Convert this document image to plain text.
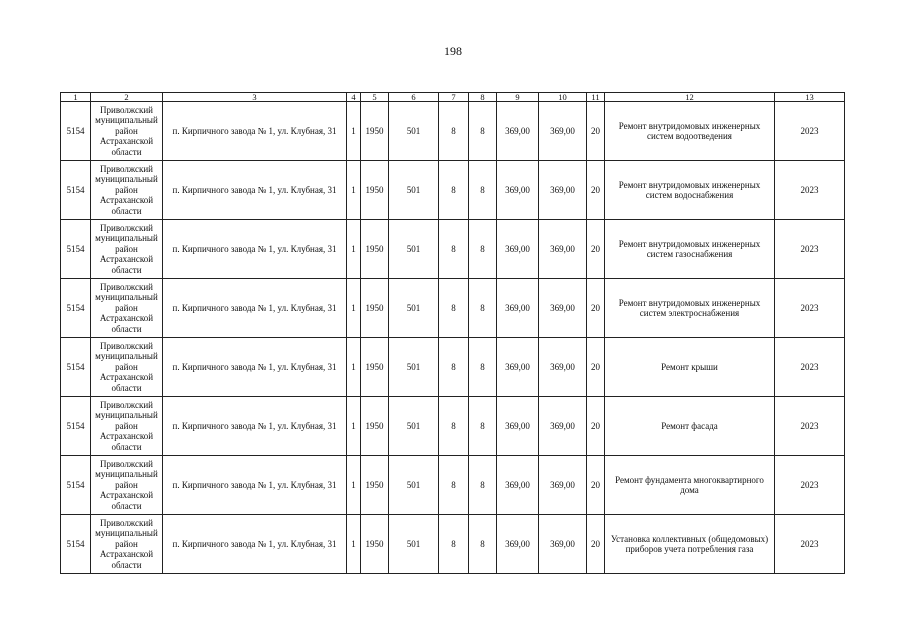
198
1	2	3	4	5	6	7	8	9	10	11	12	13
5154	Приволжский
муниципальный
район
Астраханской
области	п. Кирпичного завода № 1, ул. Клубная, 31	1	1950	501	8	8	369,00	369,00	20	Ремонт внутридомовых инженерных систем водоотведения	2023
5154	Приволжский
муниципальный
район
Астраханской
области	п. Кирпичного завода № 1, ул. Клубная, 31	1	1950	501	8	8	369,00	369,00	20	Ремонт внутридомовых инженерных систем водоснабжения	2023
5154	Приволжский
муниципальный
район
Астраханской
области	п. Кирпичного завода № 1, ул. Клубная, 31	1	1950	501	8	8	369,00	369,00	20	Ремонт внутридомовых инженерных систем газоснабжения	2023
5154	Приволжский
муниципальный
район
Астраханской
области	п. Кирпичного завода № 1, ул. Клубная, 31	1	1950	501	8	8	369,00	369,00	20	Ремонт внутридомовых инженерных систем электроснабжения	2023
5154	Приволжский
муниципальный
район
Астраханской
области	п. Кирпичного завода № 1, ул. Клубная, 31	1	1950	501	8	8	369,00	369,00	20	Ремонт крыши	2023
5154	Приволжский
муниципальный
район
Астраханской
области	п. Кирпичного завода № 1, ул. Клубная, 31	1	1950	501	8	8	369,00	369,00	20	Ремонт фасада	2023
5154	Приволжский
муниципальный
район
Астраханской
области	п. Кирпичного завода № 1, ул. Клубная, 31	1	1950	501	8	8	369,00	369,00	20	Ремонт фундамента многоквартирного дома	2023
5154	Приволжский
муниципальный
район
Астраханской
области	п. Кирпичного завода № 1, ул. Клубная, 31	1	1950	501	8	8	369,00	369,00	20	Установка коллективных (общедомовых) приборов учета потребления газа	2023
